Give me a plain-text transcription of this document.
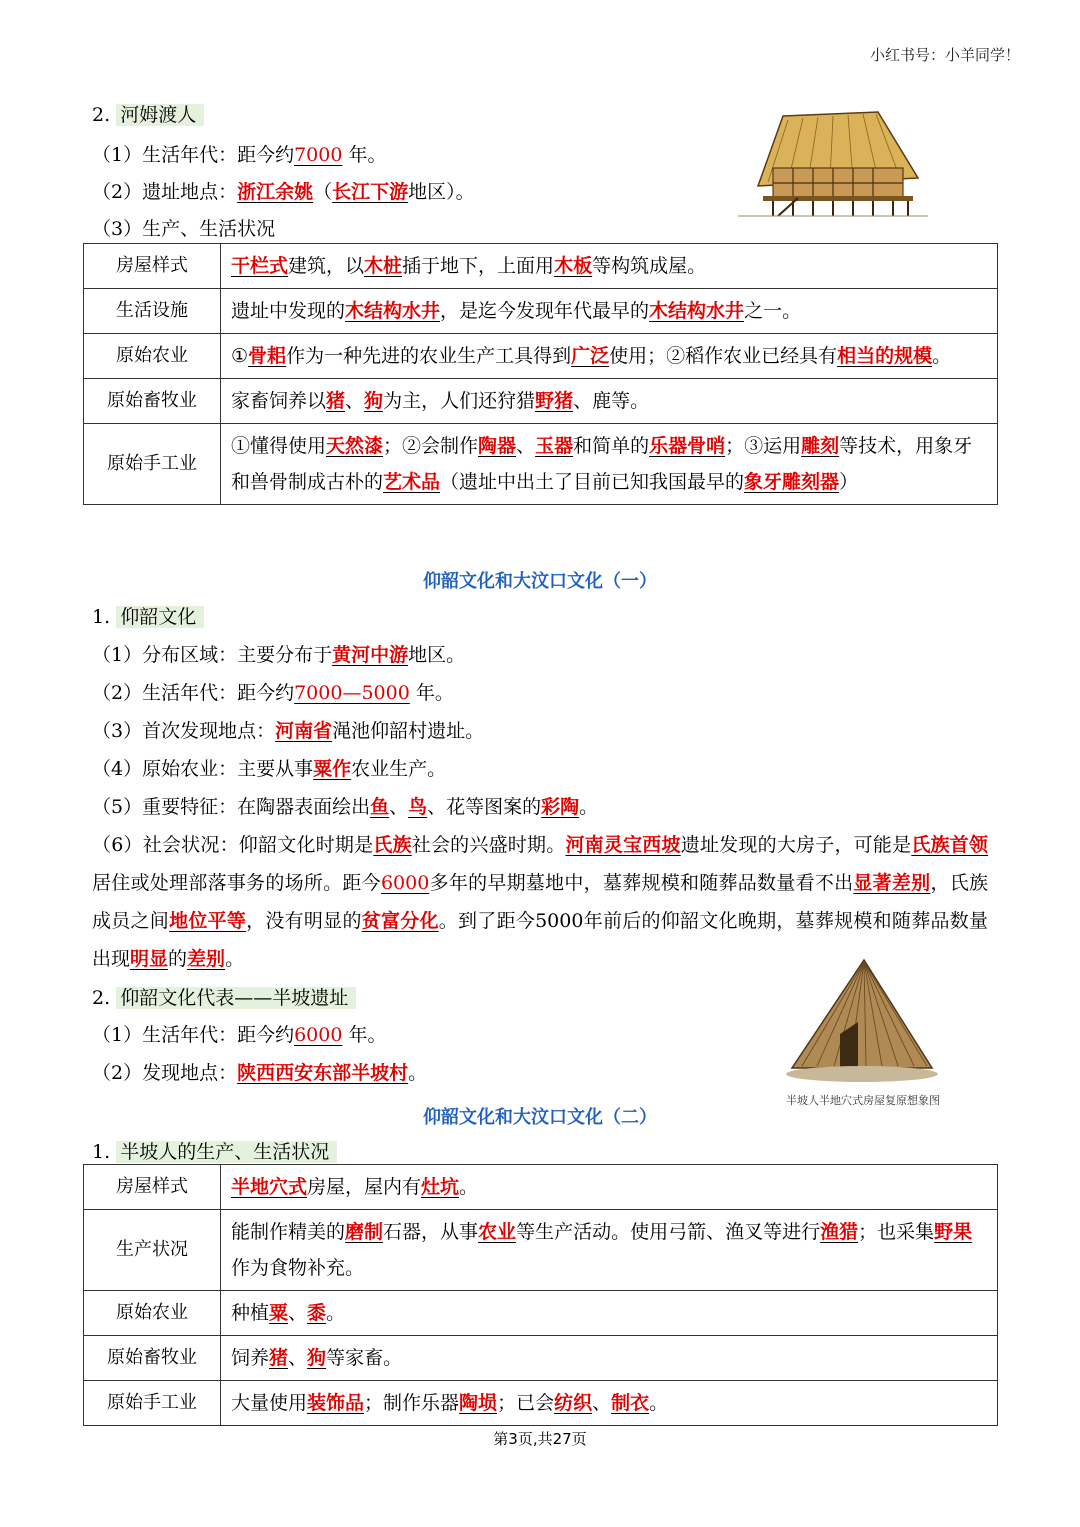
小红书号：小羊同学！
2. 河姆渡人
（1）生活年代：距今约7000 年。
（2）遗址地点：浙江余姚（长江下游地区）。
（3）生产、生活状况
房屋样式	干栏式建筑，以木桩插于地下，上面用木板等构筑成屋。
生活设施	遗址中发现的木结构水井，是迄今发现年代最早的木结构水井之一。
原始农业	①骨耜作为一种先进的农业生产工具得到广泛使用；②稻作农业已经具有相当的规模。
原始畜牧业	家畜饲养以猪、狗为主，人们还狩猎野猪、鹿等。
原始手工业	①懂得使用天然漆；②会制作陶器、玉器和简单的乐器骨哨；③运用雕刻等技术，用象牙和兽骨制成古朴的艺术品（遗址中出土了目前已知我国最早的象牙雕刻器）
仰韶文化和大汶口文化（一）
1. 仰韶文化
（1）分布区域：主要分布于黄河中游地区。
（2）生活年代：距今约7000—5000 年。
（3）首次发现地点：河南省渑池仰韶村遗址。
（4）原始农业：主要从事粟作农业生产。
（5）重要特征：在陶器表面绘出鱼、鸟、花等图案的彩陶。
（6）社会状况：仰韶文化时期是氏族社会的兴盛时期。河南灵宝西坡遗址发现的大房子，可能是氏族首领居住或处理部落事务的场所。距今6000多年的早期墓地中，墓葬规模和随葬品数量看不出显著差别，氏族成员之间地位平等，没有明显的贫富分化。到了距今5000年前后的仰韶文化晚期，墓葬规模和随葬品数量出现明显的差别。
2. 仰韶文化代表——半坡遗址
（1）生活年代：距今约6000 年。
（2）发现地点：陕西西安东部半坡村。
半坡人半地穴式房屋复原想象图
仰韶文化和大汶口文化（二）
1. 半坡人的生产、生活状况
房屋样式	半地穴式房屋，屋内有灶坑。
生产状况	能制作精美的磨制石器，从事农业等生产活动。使用弓箭、渔叉等进行渔猎；也采集野果作为食物补充。
原始农业	种植粟、黍。
原始畜牧业	饲养猪、狗等家畜。
原始手工业	大量使用装饰品；制作乐器陶埙；已会纺织、制衣。
第3页,共27页
